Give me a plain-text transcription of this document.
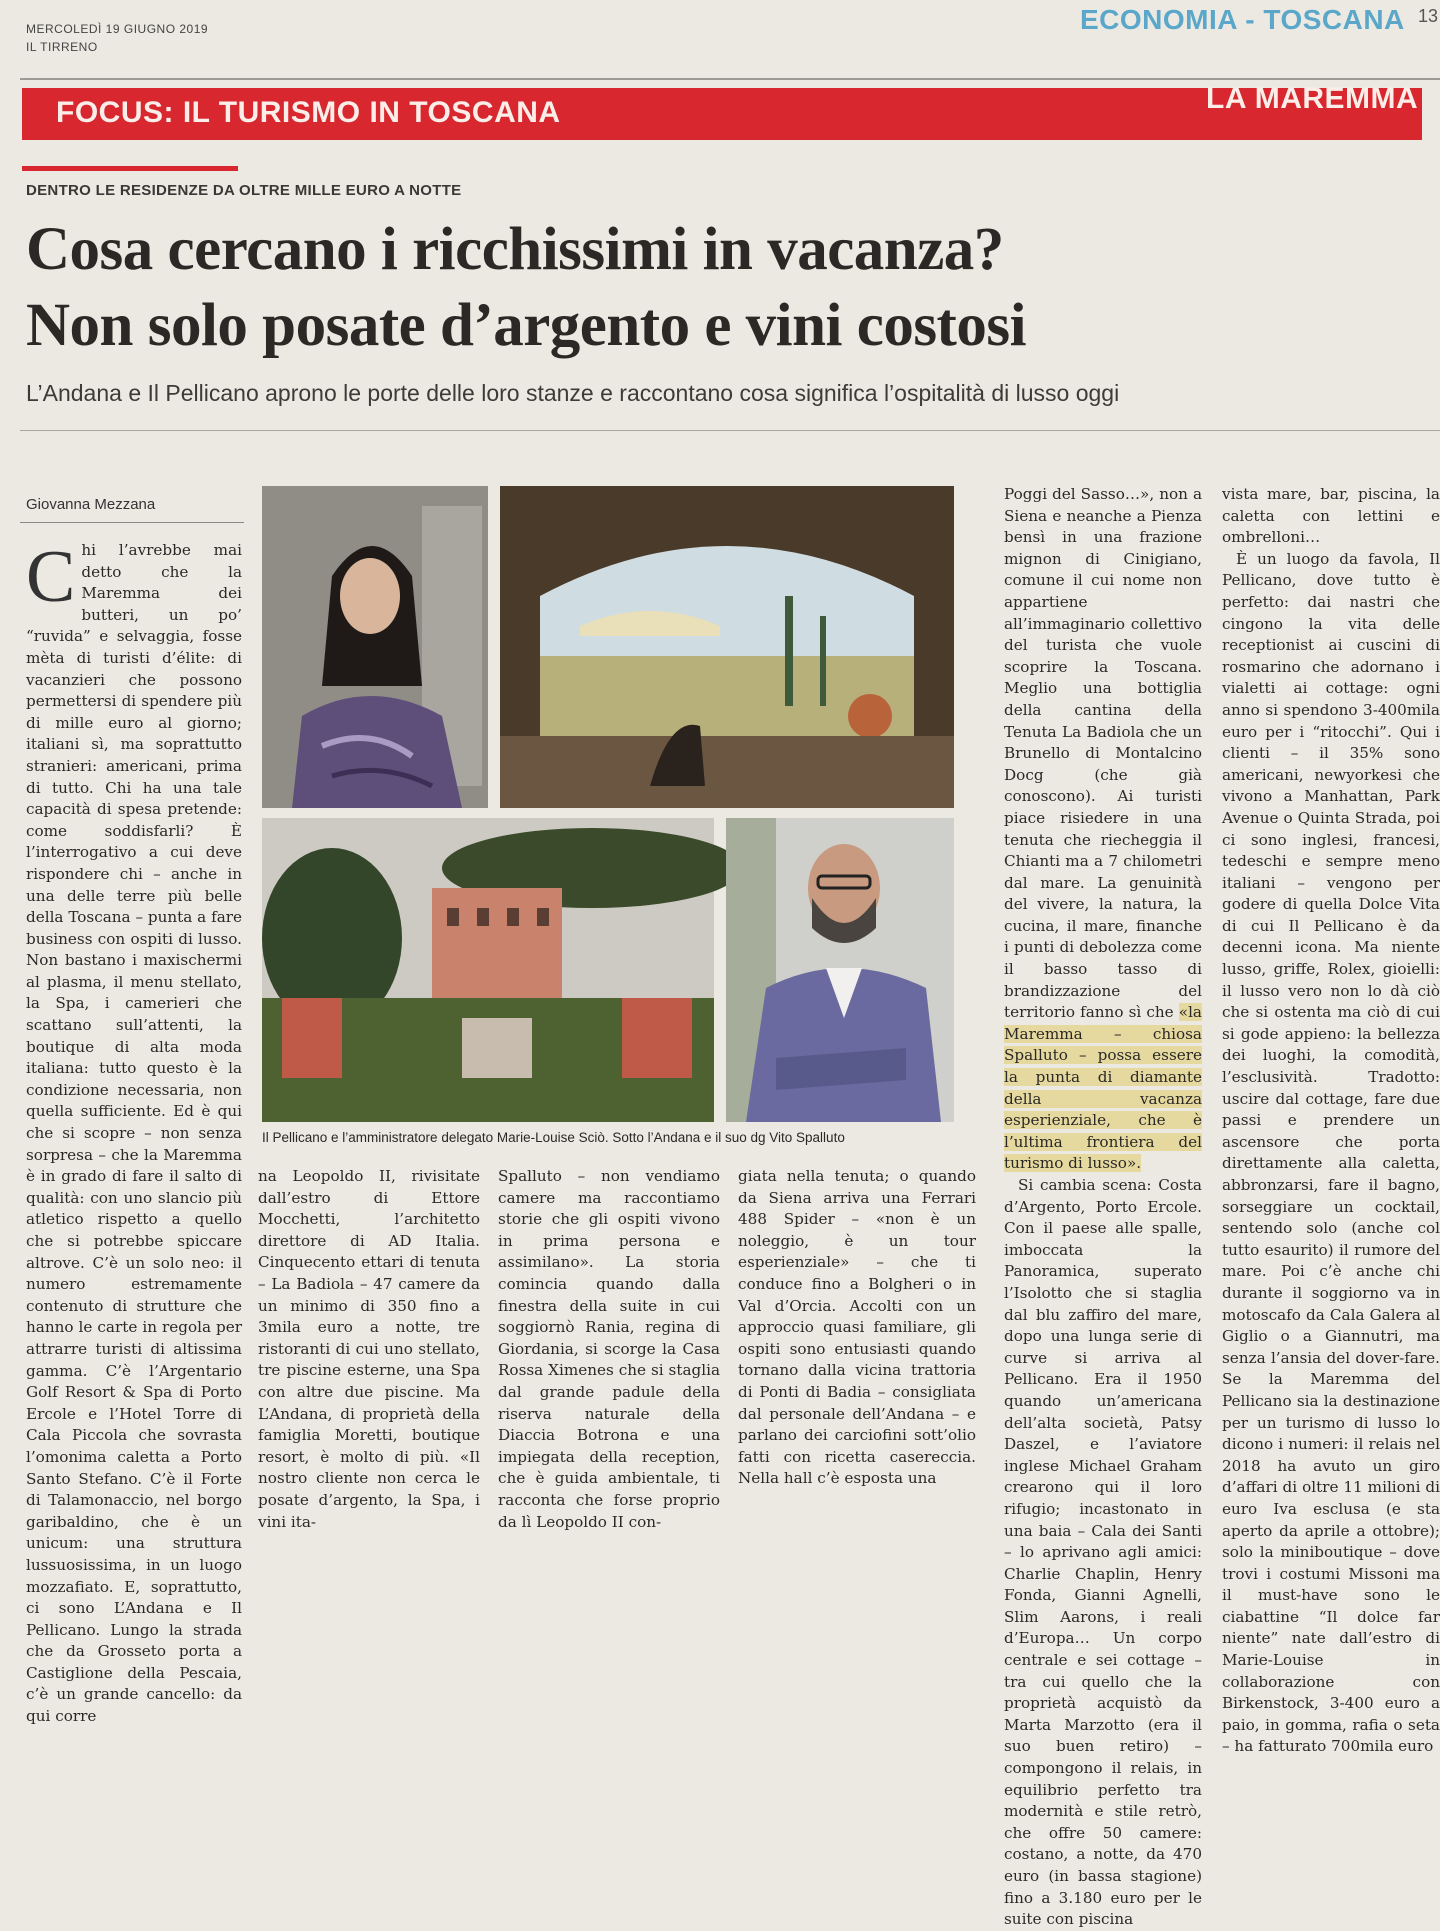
MERCOLEDÌ 19 GIUGNO 2019
IL TIRRENO
ECONOMIA - TOSCANA 13
FOCUS: IL TURISMO IN TOSCANA	LA MAREMMA
DENTRO LE RESIDENZE DA OLTRE MILLE EURO A NOTTE
Cosa cercano i ricchissimi in vacanza?
Non solo posate d’argento e vini costosi
L’Andana e Il Pellicano aprono le porte delle loro stanze e raccontano cosa significa l’ospitalità di lusso oggi
Giovanna Mezzana
C hi l’avrebbe mai detto che la Maremma dei butteri, un po’ “ruvida” e selvaggia, fosse mèta di turisti d’élite: di vacanzieri che possono permettersi di spendere più di mille euro al giorno; italiani sì, ma soprattutto stranieri: americani, prima di tutto. Chi ha una tale capacità di spesa pretende: come soddisfarli? È l’interrogativo a cui deve rispondere chi – anche in una delle terre più belle della Toscana – punta a fare business con ospiti di lusso. Non bastano i maxischermi al plasma, il menu stellato, la Spa, i camerieri che scattano sull’attenti, la boutique di alta moda italiana: tutto questo è la condizione necessaria, non quella sufficiente. Ed è qui che si scopre – non senza sorpresa – che la Maremma è in grado di fare il salto di qualità: con uno slancio più atletico rispetto a quello che si potrebbe spiccare altrove. C’è un solo neo: il numero estremamente contenuto di strutture che hanno le carte in regola per attrarre turisti di altissima gamma. C’è l’Argentario Golf Resort & Spa di Porto Ercole e l’Hotel Torre di Cala Piccola che sovrasta l’omonima caletta a Porto Santo Stefano. C’è il Forte di Talamonaccio, nel borgo garibaldino, che è un unicum: una struttura lussuosissima, in un luogo mozzafiato. E, soprattutto, ci sono L’Andana e Il Pellicano. Lungo la strada che da Grosseto porta a Castiglione della Pescaia, c’è un grande cancello: da qui corre
Il Pellicano e l’amministratore delegato Marie-Louise Sciò. Sotto l’Andana e il suo dg Vito Spalluto
na Leopoldo II, rivisitate dall’estro di Ettore Mocchetti, l’architetto direttore di AD Italia. Cinquecento ettari di tenuta – La Badiola – 47 camere da un minimo di 350 fino a 3mila euro a notte, tre ristoranti di cui uno stellato, tre piscine esterne, una Spa con altre due piscine. Ma L’Andana, di proprietà della famiglia Moretti, boutique resort, è molto di più. «Il nostro cliente non cerca le posate d’argento, la Spa, i vini ita-
Spalluto – non vendiamo camere ma raccontiamo storie che gli ospiti vivono in prima persona e assimilano». La storia comincia quando dalla finestra della suite in cui soggiornò Rania, regina di Giordania, si scorge la Casa Rossa Ximenes che si staglia dal grande padule della riserva naturale della Diaccia Botrona e una impiegata della reception, che è guida ambientale, ti racconta che forse proprio da lì Leopoldo II con-
giata nella tenuta; o quando da Siena arriva una Ferrari 488 Spider – «non è un noleggio, è un tour esperienziale» – che ti conduce fino a Bolgheri o in Val d’Orcia. Accolti con un approccio quasi familiare, gli ospiti sono entusiasti quando tornano dalla vicina trattoria di Ponti di Badia – consigliata dal personale dell’Andana – e parlano dei carciofini sott’olio fatti con ricetta casereccia. Nella hall c’è esposta una

Poggi del Sasso…», non a Siena e neanche a Pienza bensì in una frazione mignon di Cinigiano, comune il cui nome non appartiene all’immaginario collettivo del turista che vuole scoprire la Toscana. Meglio una bottiglia della cantina della Tenuta La Badiola che un Brunello di Montalcino Docg (che già conoscono). Ai turisti piace risiedere in una tenuta che riecheggia il Chianti ma a 7 chilometri dal mare. La genuinità del vivere, la natura, la cucina, il mare, finanche i punti di debolezza come il basso tasso di brandizzazione del territorio fanno sì che «la Maremma – chiosa Spalluto – possa essere la punta di diamante della vacanza esperienziale, che è l’ultima frontiera del turismo di lusso».

Si cambia scena: Costa d’Argento, Porto Ercole. Con il paese alle spalle, imboccata la Panoramica, superato l’Isolotto che si staglia dal blu zaffiro del mare, dopo una lunga serie di curve si arriva al Pellicano. Era il 1950 quando un’americana dell’alta società, Patsy Daszel, e l’aviatore inglese Michael Graham crearono qui il loro rifugio; incastonato in una baia – Cala dei Santi – lo aprivano agli amici: Charlie Chaplin, Henry Fonda, Gianni Agnelli, Slim Aarons, i reali d’Europa… Un corpo centrale e sei cottage – tra cui quello che la proprietà acquistò da Marta Marzotto (era il suo buen retiro) – compongono il relais, in equilibrio perfetto tra modernità e stile retrò, che offre 50 camere: costano, a notte, da 470 euro (in bassa stagione) fino a 3.180 euro per le suite con piscina

vista mare, bar, piscina, la caletta con lettini e ombrelloni…

È un luogo da favola, Il Pellicano, dove tutto è perfetto: dai nastri che cingono la vita delle receptionist ai cuscini di rosmarino che adornano i vialetti ai cottage: ogni anno si spendono 3-400mila euro per i “ritocchi”. Qui i clienti – il 35% sono americani, newyorkesi che vivono a Manhattan, Park Avenue o Quinta Strada, poi ci sono inglesi, francesi, tedeschi e sempre meno italiani – vengono per godere di quella Dolce Vita di cui Il Pellicano è da decenni icona. Ma niente lusso, griffe, Rolex, gioielli: il lusso vero non lo dà ciò che si ostenta ma ciò di cui si gode appieno: la bellezza dei luoghi, la comodità, l’esclusività. Tradotto: uscire dal cottage, fare due passi e prendere un ascensore che porta direttamente alla caletta, abbronzarsi, fare il bagno, sorseggiare un cocktail, sentendo solo (anche col tutto esaurito) il rumore del mare. Poi c’è anche chi durante il soggiorno va in motoscafo da Cala Galera al Giglio o a Giannutri, ma senza l’ansia del dover-fare. Se la Maremma del Pellicano sia la destinazione per un turismo di lusso lo dicono i numeri: il relais nel 2018 ha avuto un giro d’affari di oltre 11 milioni di euro Iva esclusa (e sta aperto da aprile a ottobre); solo la miniboutique – dove trovi i costumi Missoni ma il must-have sono le ciabattine “Il dolce far niente” nate dall’estro di Marie-Louise in collaborazione con Birkenstock, 3-400 euro a paio, in gomma, rafia o seta – ha fatturato 700mila euro
